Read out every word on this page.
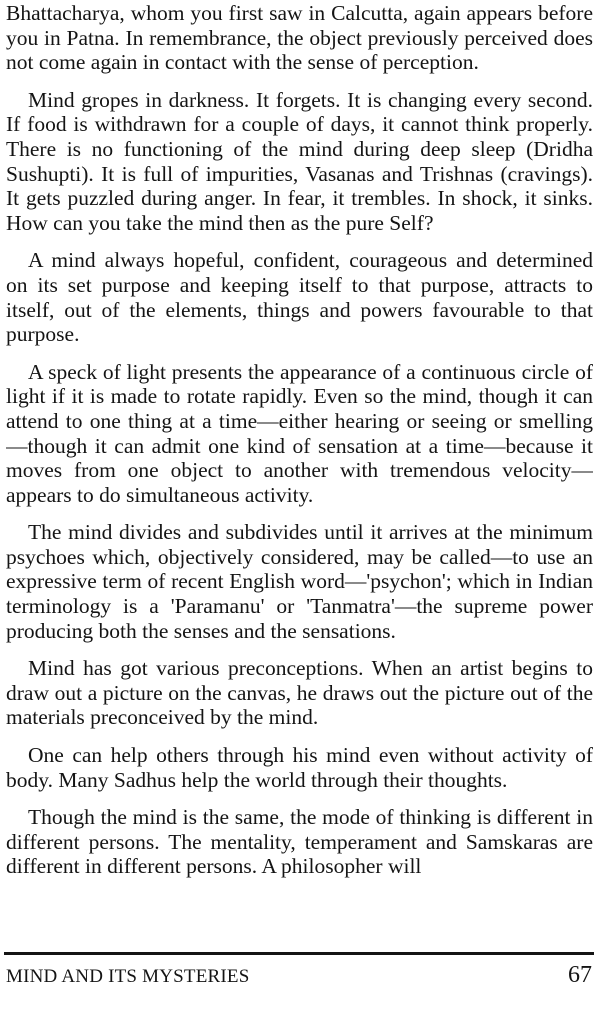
Bhattacharya, whom you first saw in Calcutta, again appears before you in Patna. In remembrance, the object previously perceived does not come again in contact with the sense of perception.

Mind gropes in darkness. It forgets. It is changing every second. If food is withdrawn for a couple of days, it cannot think properly. There is no functioning of the mind during deep sleep (Dridha Sushupti). It is full of impurities, Vasanas and Trishnas (cravings). It gets puzzled during anger. In fear, it trembles. In shock, it sinks. How can you take the mind then as the pure Self?

A mind always hopeful, confident, courageous and determined on its set purpose and keeping itself to that purpose, attracts to itself, out of the elements, things and powers favourable to that purpose.

A speck of light presents the appearance of a continuous circle of light if it is made to rotate rapidly. Even so the mind, though it can attend to one thing at a time—either hearing or seeing or smelling—though it can admit one kind of sensation at a time—because it moves from one object to another with tremendous velocity—appears to do simultaneous activity.

The mind divides and subdivides until it arrives at the minimum psychoes which, objectively considered, may be called—to use an expressive term of recent English word—'psychon'; which in Indian terminology is a 'Paramanu' or 'Tanmatra'—the supreme power producing both the senses and the sensations.

Mind has got various preconceptions. When an artist begins to draw out a picture on the canvas, he draws out the picture out of the materials preconceived by the mind.

One can help others through his mind even without activity of body. Many Sadhus help the world through their thoughts.

Though the mind is the same, the mode of thinking is different in different persons. The mentality, temperament and Samskaras are different in different persons. A philosopher will

MIND AND ITS MYSTERIES	67
